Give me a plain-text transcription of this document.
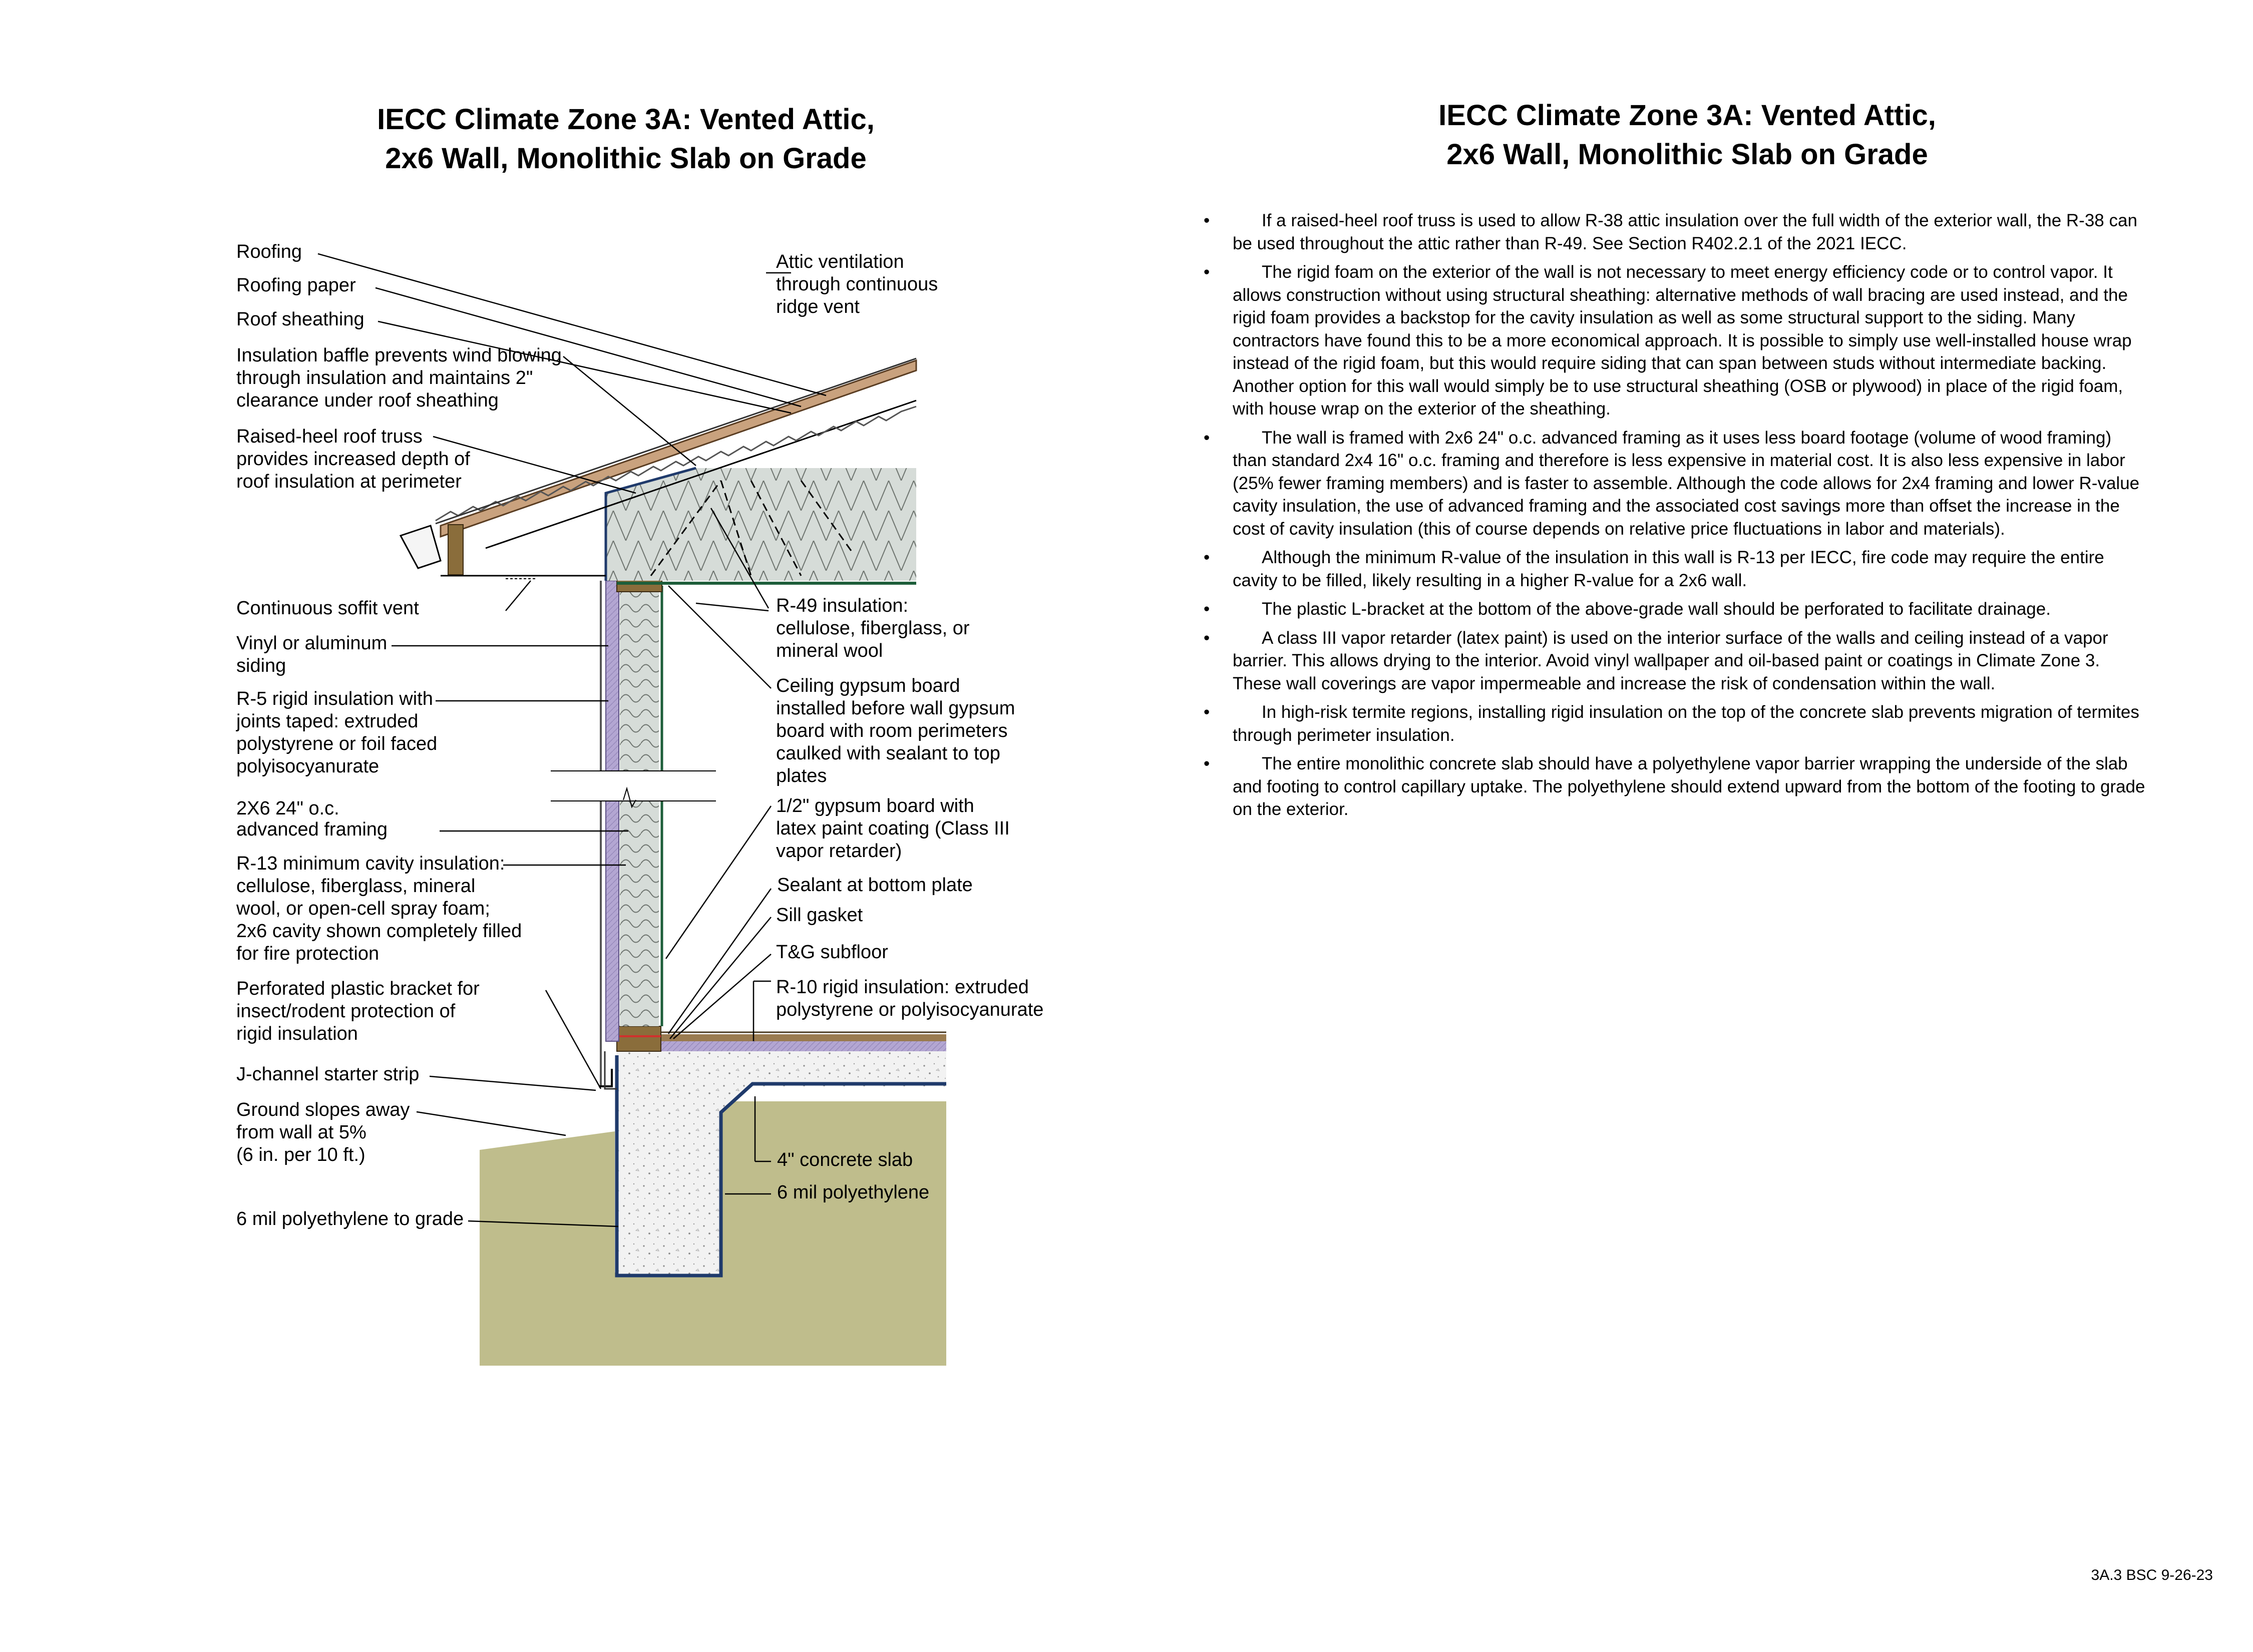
IECC Climate Zone 3A: Vented Attic,
2x6 Wall, Monolithic Slab on Grade
Roofing
Roofing paper
Roof sheathing
Insulation baffle prevents wind blowing through insulation and maintains 2" clearance under roof sheathing
Raised-heel roof truss provides increased depth of roof insulation at perimeter
Continuous soffit vent
Vinyl or aluminum siding
R-5 rigid insulation with joints taped: extruded polystyrene or foil faced polyisocyanurate
2X6 24" o.c. advanced framing
R-13 minimum cavity insulation: cellulose, fiberglass, mineral wool, or open-cell spray foam; 2x6 cavity shown completely filled for fire protection
Perforated plastic bracket for insect/rodent protection of rigid insulation
J-channel starter strip
Ground slopes away from wall at 5% (6 in. per 10 ft.)
6 mil polyethylene to grade
Attic ventilation through continuous ridge vent
R-49 insulation: cellulose, fiberglass, or mineral wool
Ceiling gypsum board installed before wall gypsum board with room perimeters caulked with sealant to top plates
1/2" gypsum board with latex paint coating (Class III vapor retarder)
Sealant at bottom plate
Sill gasket
T&G subfloor
R-10 rigid insulation: extruded polystyrene or polyisocyanurate
4" concrete slab
6 mil polyethylene
IECC Climate Zone 3A: Vented Attic,
2x6 Wall, Monolithic Slab on Grade
•	If a raised-heel roof truss is used to allow R-38 attic insulation over the full width of the exterior wall, the R-38 can be used throughout the attic rather than R-49. See Section R402.2.1 of the 2021 IECC.
•	The rigid foam on the exterior of the wall is not necessary to meet energy efficiency code or to control vapor. It allows construction without using structural sheathing: alternative methods of wall bracing are used instead, and the rigid foam provides a backstop for the cavity insulation as well as some structural support to the siding. Many contractors have found this to be a more economical approach. It is possible to simply use well-installed house wrap instead of the rigid foam, but this would require siding that can span between studs without intermediate backing. Another option for this wall would simply be to use structural sheathing (OSB or plywood) in place of the rigid foam, with house wrap on the exterior of the sheathing.
•	The wall is framed with 2x6 24" o.c. advanced framing as it uses less board footage (volume of wood framing) than standard 2x4 16" o.c. framing and therefore is less expensive in material cost. It is also less expensive in labor (25% fewer framing members) and is faster to assemble. Although the code allows for 2x4 framing and lower R-value cavity insulation, the use of advanced framing and the associated cost savings more than offset the increase in the cost of cavity insulation (this of course depends on relative price fluctuations in labor and materials).
•	Although the minimum R-value of the insulation in this wall is R-13 per IECC, fire code may require the entire cavity to be filled, likely resulting in a higher R-value for a 2x6 wall.
•	The plastic L-bracket at the bottom of the above-grade wall should be perforated to facilitate drainage.
•	A class III vapor retarder (latex paint) is used on the interior surface of the walls and ceiling instead of a vapor barrier. This allows drying to the interior. Avoid vinyl wallpaper and oil-based paint or coatings in Climate Zone 3. These wall coverings are vapor impermeable and increase the risk of condensation within the wall.
•	In high-risk termite regions, installing rigid insulation on the top of the concrete slab prevents migration of termites through perimeter insulation.
•	The entire monolithic concrete slab should have a polyethylene vapor barrier wrapping the underside of the slab and footing to control capillary uptake. The polyethylene should extend upward from the bottom of the footing to grade on the exterior.
3A.3 BSC 9-26-23
